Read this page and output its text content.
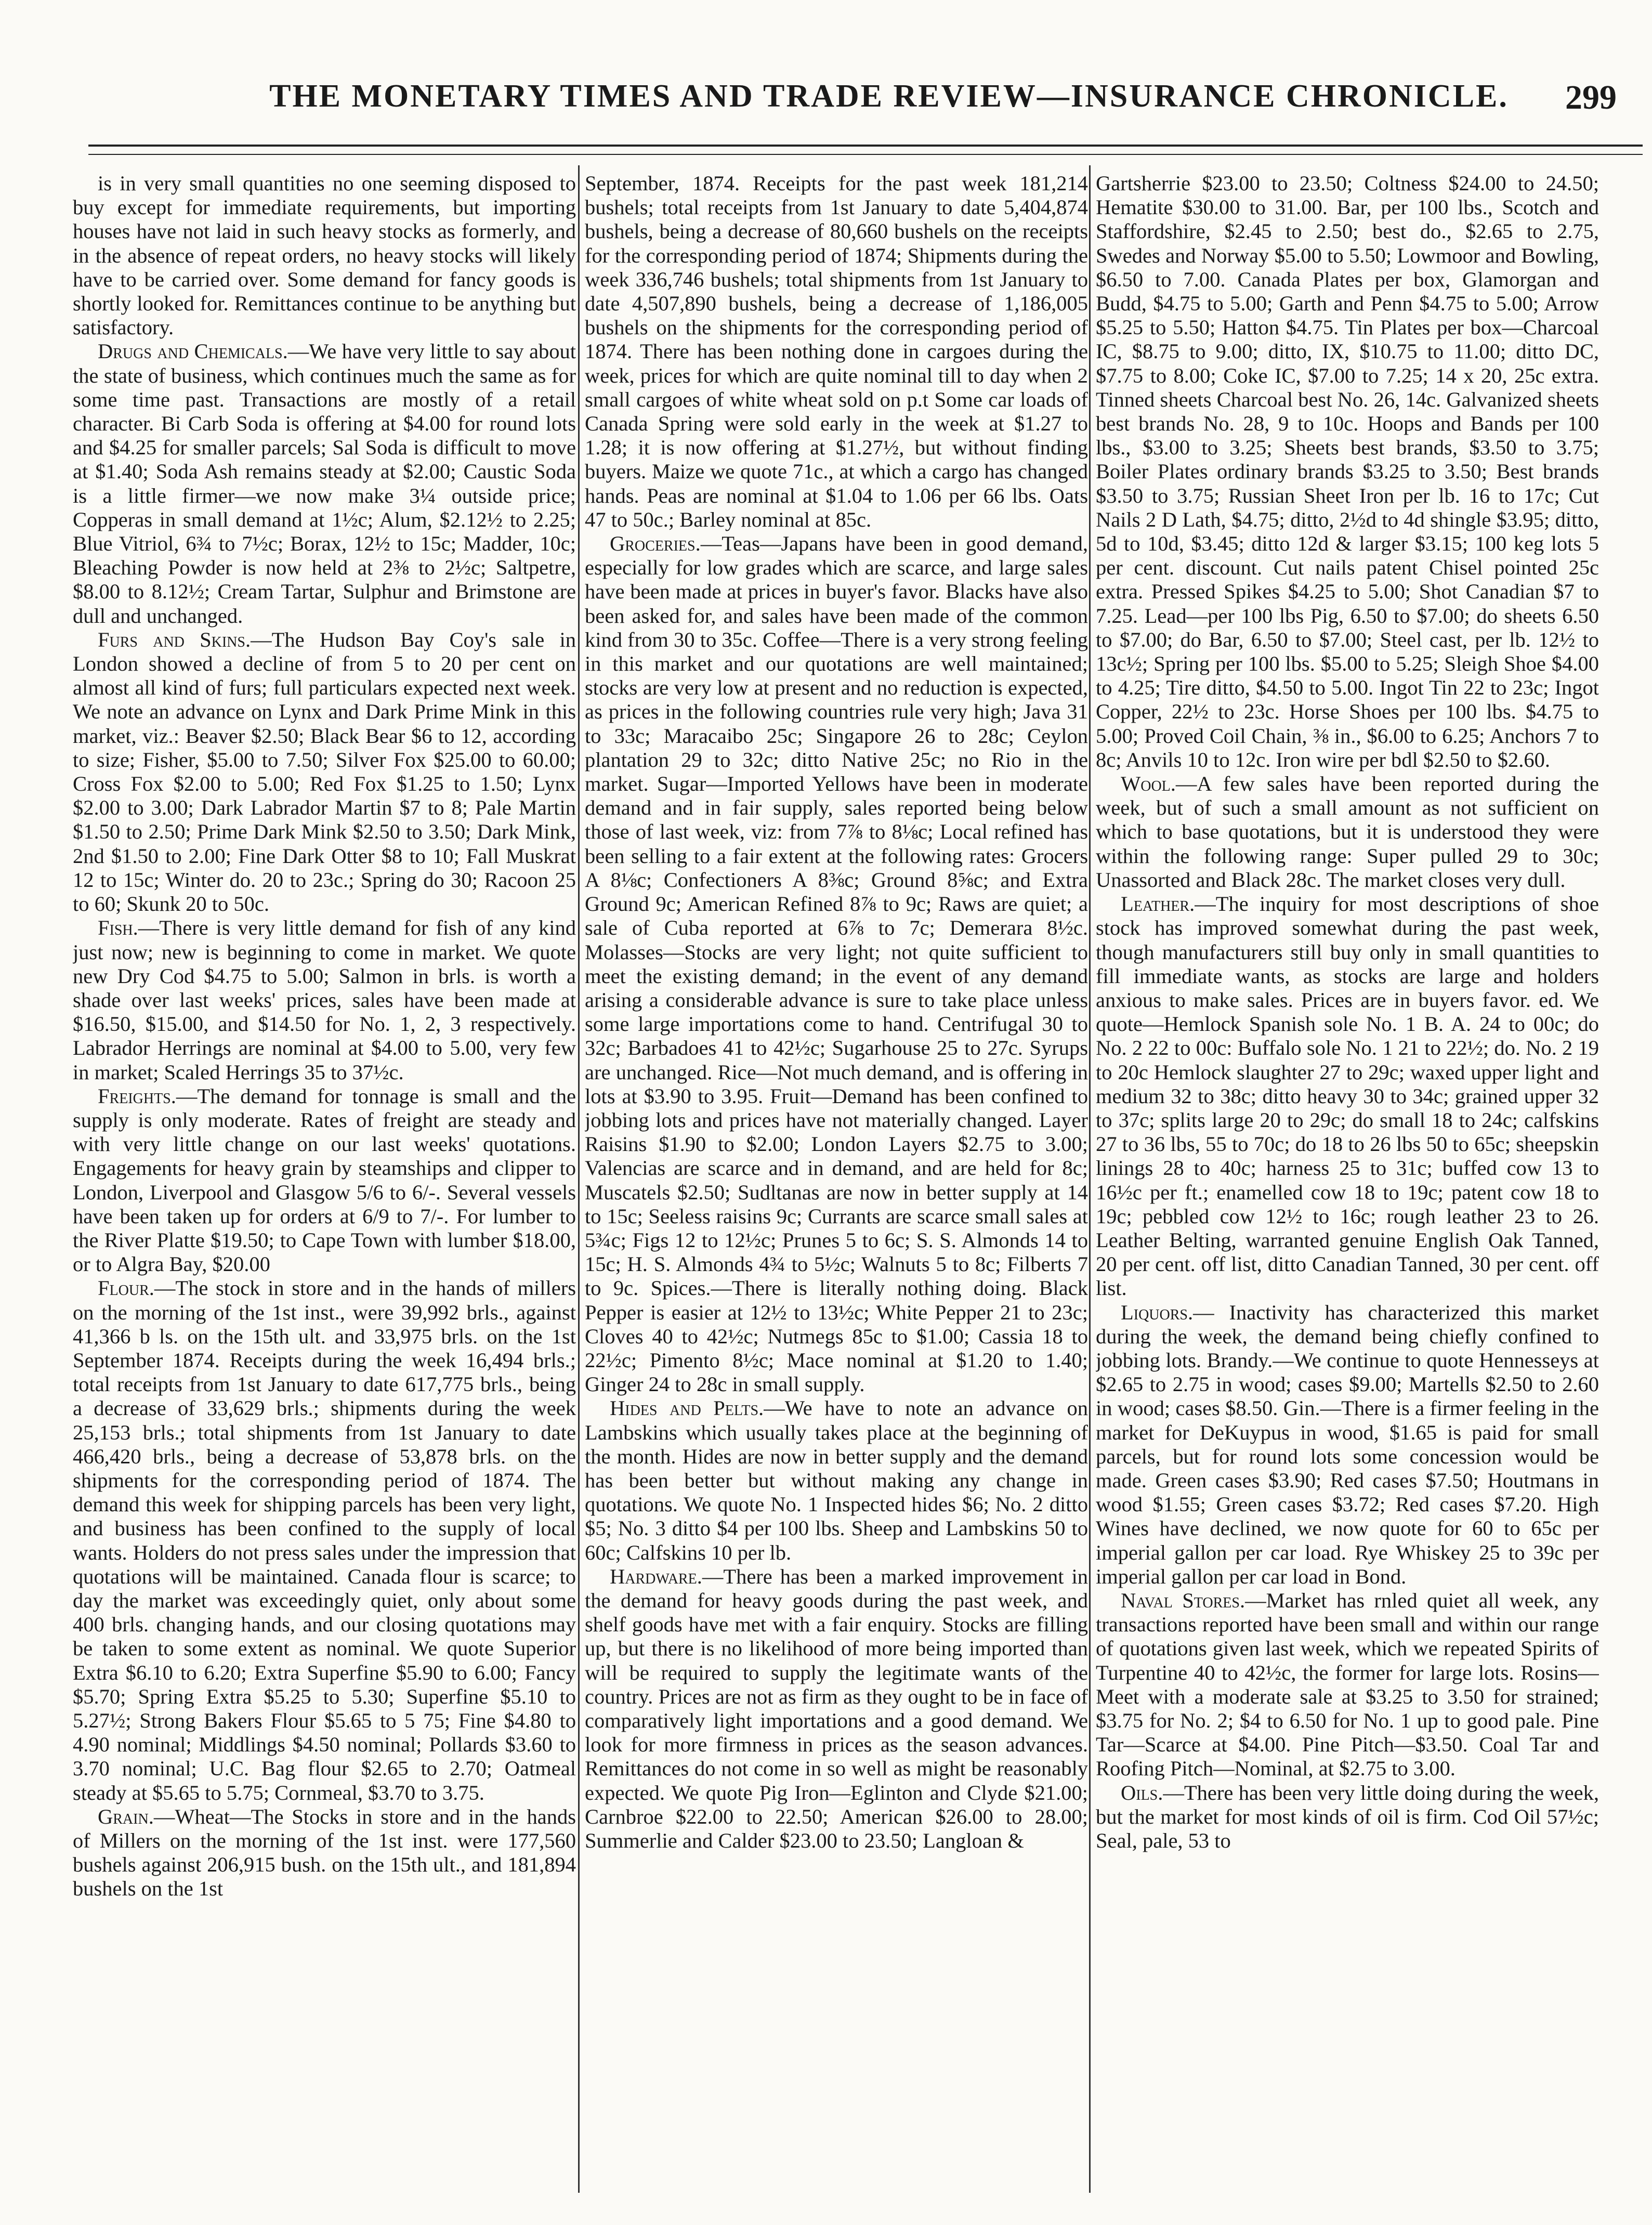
THE MONETARY TIMES AND TRADE REVIEW—INSURANCE CHRONICLE.	299

is in very small quantities no one seeming disposed to buy except for immediate requirements, but importing houses have not laid in such heavy stocks as formerly, and in the absence of repeat orders, no heavy stocks will likely have to be carried over. Some demand for fancy goods is shortly looked for. Remittances continue to be anything but satisfactory.

Drugs and Chemicals.—We have very little to say about the state of business, which continues much the same as for some time past. Transactions are mostly of a retail character. Bi Carb Soda is offering at $4.00 for round lots and $4.25 for smaller parcels; Sal Soda is difficult to move at $1.40; Soda Ash remains steady at $2.00; Caustic Soda is a little firmer—we now make 3¼ outside price; Copperas in small demand at 1½c; Alum, $2.12½ to 2.25; Blue Vitriol, 6¾ to 7½c; Borax, 12½ to 15c; Madder, 10c; Bleaching Powder is now held at 2⅜ to 2½c; Saltpetre, $8.00 to 8.12½; Cream Tartar, Sulphur and Brimstone are dull and unchanged.

Furs and Skins.—The Hudson Bay Coy's sale in London showed a decline of from 5 to 20 per cent on almost all kind of furs; full particulars expected next week. We note an advance on Lynx and Dark Prime Mink in this market, viz.: Beaver $2.50; Black Bear $6 to 12, according to size; Fisher, $5.00 to 7.50; Silver Fox $25.00 to 60.00; Cross Fox $2.00 to 5.00; Red Fox $1.25 to 1.50; Lynx $2.00 to 3.00; Dark Labrador Martin $7 to 8; Pale Martin $1.50 to 2.50; Prime Dark Mink $2.50 to 3.50; Dark Mink, 2nd $1.50 to 2.00; Fine Dark Otter $8 to 10; Fall Muskrat 12 to 15c; Winter do. 20 to 23c.; Spring do 30; Racoon 25 to 60; Skunk 20 to 50c.

Fish.—There is very little demand for fish of any kind just now; new is beginning to come in market. We quote new Dry Cod $4.75 to 5.00; Salmon in brls. is worth a shade over last weeks' prices, sales have been made at $16.50, $15.00, and $14.50 for No. 1, 2, 3 respectively. Labrador Herrings are nominal at $4.00 to 5.00, very few in market; Scaled Herrings 35 to 37½c.

Freights.—The demand for tonnage is small and the supply is only moderate. Rates of freight are steady and with very little change on our last weeks' quotations. Engagements for heavy grain by steamships and clipper to London, Liverpool and Glasgow 5/6 to 6/-. Several vessels have been taken up for orders at 6/9 to 7/-. For lumber to the River Platte $19.50; to Cape Town with lumber $18.00, or to Algra Bay, $20.00

Flour.—The stock in store and in the hands of millers on the morning of the 1st inst., were 39,992 brls., against 41,366 b ls. on the 15th ult. and 33,975 brls. on the 1st September 1874. Receipts during the week 16,494 brls.; total receipts from 1st January to date 617,775 brls., being a decrease of 33,629 brls.; shipments during the week 25,153 brls.; total shipments from 1st January to date 466,420 brls., being a decrease of 53,878 brls. on the shipments for the corresponding period of 1874. The demand this week for shipping parcels has been very light, and business has been confined to the supply of local wants. Holders do not press sales under the impression that quotations will be maintained. Canada flour is scarce; to day the market was exceedingly quiet, only about some 400 brls. changing hands, and our closing quotations may be taken to some extent as nominal. We quote Superior Extra $6.10 to 6.20; Extra Superfine $5.90 to 6.00; Fancy $5.70; Spring Extra $5.25 to 5.30; Superfine $5.10 to 5.27½; Strong Bakers Flour $5.65 to 5 75; Fine $4.80 to 4.90 nominal; Middlings $4.50 nominal; Pollards $3.60 to 3.70 nominal; U.C. Bag flour $2.65 to 2.70; Oatmeal steady at $5.65 to 5.75; Cornmeal, $3.70 to 3.75.

Grain.—Wheat—The Stocks in store and in the hands of Millers on the morning of the 1st inst. were 177,560 bushels against 206,915 bush. on the 15th ult., and 181,894 bushels on the 1st

September, 1874. Receipts for the past week 181,214 bushels; total receipts from 1st January to date 5,404,874 bushels, being a decrease of 80,660 bushels on the receipts for the corresponding period of 1874; Shipments during the week 336,746 bushels; total shipments from 1st January to date 4,507,890 bushels, being a decrease of 1,186,005 bushels on the shipments for the corresponding period of 1874. There has been nothing done in cargoes during the week, prices for which are quite nominal till to day when 2 small cargoes of white wheat sold on p.t Some car loads of Canada Spring were sold early in the week at $1.27 to 1.28; it is now offering at $1.27½, but without finding buyers. Maize we quote 71c., at which a cargo has changed hands. Peas are nominal at $1.04 to 1.06 per 66 lbs. Oats 47 to 50c.; Barley nominal at 85c.

Groceries.—Teas—Japans have been in good demand, especially for low grades which are scarce, and large sales have been made at prices in buyer's favor. Blacks have also been asked for, and sales have been made of the common kind from 30 to 35c. Coffee—There is a very strong feeling in this market and our quotations are well maintained; stocks are very low at present and no reduction is expected, as prices in the following countries rule very high; Java 31 to 33c; Maracaibo 25c; Singapore 26 to 28c; Ceylon plantation 29 to 32c; ditto Native 25c; no Rio in the market. Sugar—Imported Yellows have been in moderate demand and in fair supply, sales reported being below those of last week, viz: from 7⅞ to 8⅛c; Local refined has been selling to a fair extent at the following rates: Grocers A 8⅛c; Confectioners A 8⅜c; Ground 8⅝c; and Extra Ground 9c; American Refined 8⅞ to 9c; Raws are quiet; a sale of Cuba reported at 6⅞ to 7c; Demerara 8½c. Molasses—Stocks are very light; not quite sufficient to meet the existing demand; in the event of any demand arising a considerable advance is sure to take place unless some large importations come to hand. Centrifugal 30 to 32c; Barbadoes 41 to 42½c; Sugarhouse 25 to 27c. Syrups are unchanged. Rice—Not much demand, and is offering in lots at $3.90 to 3.95. Fruit—Demand has been confined to jobbing lots and prices have not materially changed. Layer Raisins $1.90 to $2.00; London Layers $2.75 to 3.00; Valencias are scarce and in demand, and are held for 8c; Muscatels $2.50; Sudltanas are now in better supply at 14 to 15c; Seeless raisins 9c; Currants are scarce small sales at 5¾c; Figs 12 to 12½c; Prunes 5 to 6c; S. S. Almonds 14 to 15c; H. S. Almonds 4¾ to 5½c; Walnuts 5 to 8c; Filberts 7 to 9c. Spices.—There is literally nothing doing. Black Pepper is easier at 12½ to 13½c; White Pepper 21 to 23c; Cloves 40 to 42½c; Nutmegs 85c to $1.00; Cassia 18 to 22½c; Pimento 8½c; Mace nominal at $1.20 to 1.40; Ginger 24 to 28c in small supply.

Hides and Pelts.—We have to note an advance on Lambskins which usually takes place at the beginning of the month. Hides are now in better supply and the demand has been better but without making any change in quotations. We quote No. 1 Inspected hides $6; No. 2 ditto $5; No. 3 ditto $4 per 100 lbs. Sheep and Lambskins 50 to 60c; Calfskins 10 per lb.

Hardware.—There has been a marked improvement in the demand for heavy goods during the past week, and shelf goods have met with a fair enquiry. Stocks are filling up, but there is no likelihood of more being imported than will be required to supply the legitimate wants of the country. Prices are not as firm as they ought to be in face of comparatively light importations and a good demand. We look for more firmness in prices as the season advances. Remittances do not come in so well as might be reasonably expected. We quote Pig Iron—Eglinton and Clyde $21.00; Carnbroe $22.00 to 22.50; American $26.00 to 28.00; Summerlie and Calder $23.00 to 23.50; Langloan &

Gartsherrie $23.00 to 23.50; Coltness $24.00 to 24.50; Hematite $30.00 to 31.00. Bar, per 100 lbs., Scotch and Staffordshire, $2.45 to 2.50; best do., $2.65 to 2.75, Swedes and Norway $5.00 to 5.50; Lowmoor and Bowling, $6.50 to 7.00. Canada Plates per box, Glamorgan and Budd, $4.75 to 5.00; Garth and Penn $4.75 to 5.00; Arrow $5.25 to 5.50; Hatton $4.75. Tin Plates per box—Charcoal IC, $8.75 to 9.00; ditto, IX, $10.75 to 11.00; ditto DC, $7.75 to 8.00; Coke IC, $7.00 to 7.25; 14 x 20, 25c extra. Tinned sheets Charcoal best No. 26, 14c. Galvanized sheets best brands No. 28, 9 to 10c. Hoops and Bands per 100 lbs., $3.00 to 3.25; Sheets best brands, $3.50 to 3.75; Boiler Plates ordinary brands $3.25 to 3.50; Best brands $3.50 to 3.75; Russian Sheet Iron per lb. 16 to 17c; Cut Nails 2 D Lath, $4.75; ditto, 2½d to 4d shingle $3.95; ditto, 5d to 10d, $3.45; ditto 12d & larger $3.15; 100 keg lots 5 per cent. discount. Cut nails patent Chisel pointed 25c extra. Pressed Spikes $4.25 to 5.00; Shot Canadian $7 to 7.25. Lead—per 100 lbs Pig, 6.50 to $7.00; do sheets 6.50 to $7.00; do Bar, 6.50 to $7.00; Steel cast, per lb. 12½ to 13c½; Spring per 100 lbs. $5.00 to 5.25; Sleigh Shoe $4.00 to 4.25; Tire ditto, $4.50 to 5.00. Ingot Tin 22 to 23c; Ingot Copper, 22½ to 23c. Horse Shoes per 100 lbs. $4.75 to 5.00; Proved Coil Chain, ⅜ in., $6.00 to 6.25; Anchors 7 to 8c; Anvils 10 to 12c. Iron wire per bdl $2.50 to $2.60.

Wool.—A few sales have been reported during the week, but of such a small amount as not sufficient on which to base quotations, but it is understood they were within the following range: Super pulled 29 to 30c; Unassorted and Black 28c. The market closes very dull.

Leather.—The inquiry for most descriptions of shoe stock has improved somewhat during the past week, though manufacturers still buy only in small quantities to fill immediate wants, as stocks are large and holders anxious to make sales. Prices are in buyers favor. ed. We quote—Hemlock Spanish sole No. 1 B. A. 24 to 00c; do No. 2 22 to 00c: Buffalo sole No. 1 21 to 22½; do. No. 2 19 to 20c Hemlock slaughter 27 to 29c; waxed upper light and medium 32 to 38c; ditto heavy 30 to 34c; grained upper 32 to 37c; splits large 20 to 29c; do small 18 to 24c; calfskins 27 to 36 lbs, 55 to 70c; do 18 to 26 lbs 50 to 65c; sheepskin linings 28 to 40c; harness 25 to 31c; buffed cow 13 to 16½c per ft.; enamelled cow 18 to 19c; patent cow 18 to 19c; pebbled cow 12½ to 16c; rough leather 23 to 26. Leather Belting, warranted genuine English Oak Tanned, 20 per cent. off list, ditto Canadian Tanned, 30 per cent. off list.

Liquors.— Inactivity has characterized this market during the week, the demand being chiefly confined to jobbing lots. Brandy.—We continue to quote Hennesseys at $2.65 to 2.75 in wood; cases $9.00; Martells $2.50 to 2.60 in wood; cases $8.50. Gin.—There is a firmer feeling in the market for DeKuypus in wood, $1.65 is paid for small parcels, but for round lots some concession would be made. Green cases $3.90; Red cases $7.50; Houtmans in wood $1.55; Green cases $3.72; Red cases $7.20. High Wines have declined, we now quote for 60 to 65c per imperial gallon per car load. Rye Whiskey 25 to 39c per imperial gallon per car load in Bond.

Naval Stores.—Market has rnled quiet all week, any transactions reported have been small and within our range of quotations given last week, which we repeated Spirits of Turpentine 40 to 42½c, the former for large lots. Rosins—Meet with a moderate sale at $3.25 to 3.50 for strained; $3.75 for No. 2; $4 to 6.50 for No. 1 up to good pale. Pine Tar—Scarce at $4.00. Pine Pitch—$3.50. Coal Tar and Roofing Pitch—Nominal, at $2.75 to 3.00.

Oils.—There has been very little doing during the week, but the market for most kinds of oil is firm. Cod Oil 57½c; Seal, pale, 53 to
